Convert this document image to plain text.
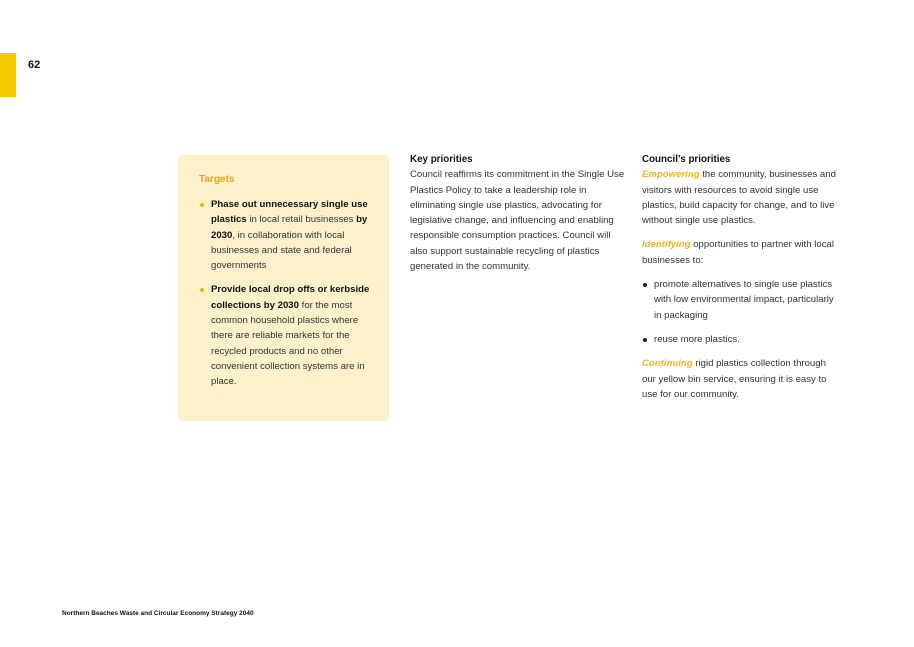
62
Targets
Phase out unnecessary single use plastics in local retail businesses by 2030, in collaboration with local businesses and state and federal governments
Provide local drop offs or kerbside collections by 2030 for the most common household plastics where there are reliable markets for the recycled products and no other convenient collection systems are in place.
Key priorities

Council reaffirms its commitment in the Single Use Plastics Policy to take a leadership role in eliminating single use plastics, advocating for legislative change, and influencing and enabling responsible consumption practices. Council will also support sustainable recycling of plastics generated in the community.

Council’s priorities

Empowering the community, businesses and visitors with resources to avoid single use plastics, build capacity for change, and to live without single use plastics.

Identifying opportunities to partner with local businesses to:

promote alternatives to single use plastics with low environmental impact, particularly in packaging
reuse more plastics.

Continuing rigid plastics collection through our yellow bin service, ensuring it is easy to use for our community.

Northern Beaches Waste and Circular Economy Strategy 2040
